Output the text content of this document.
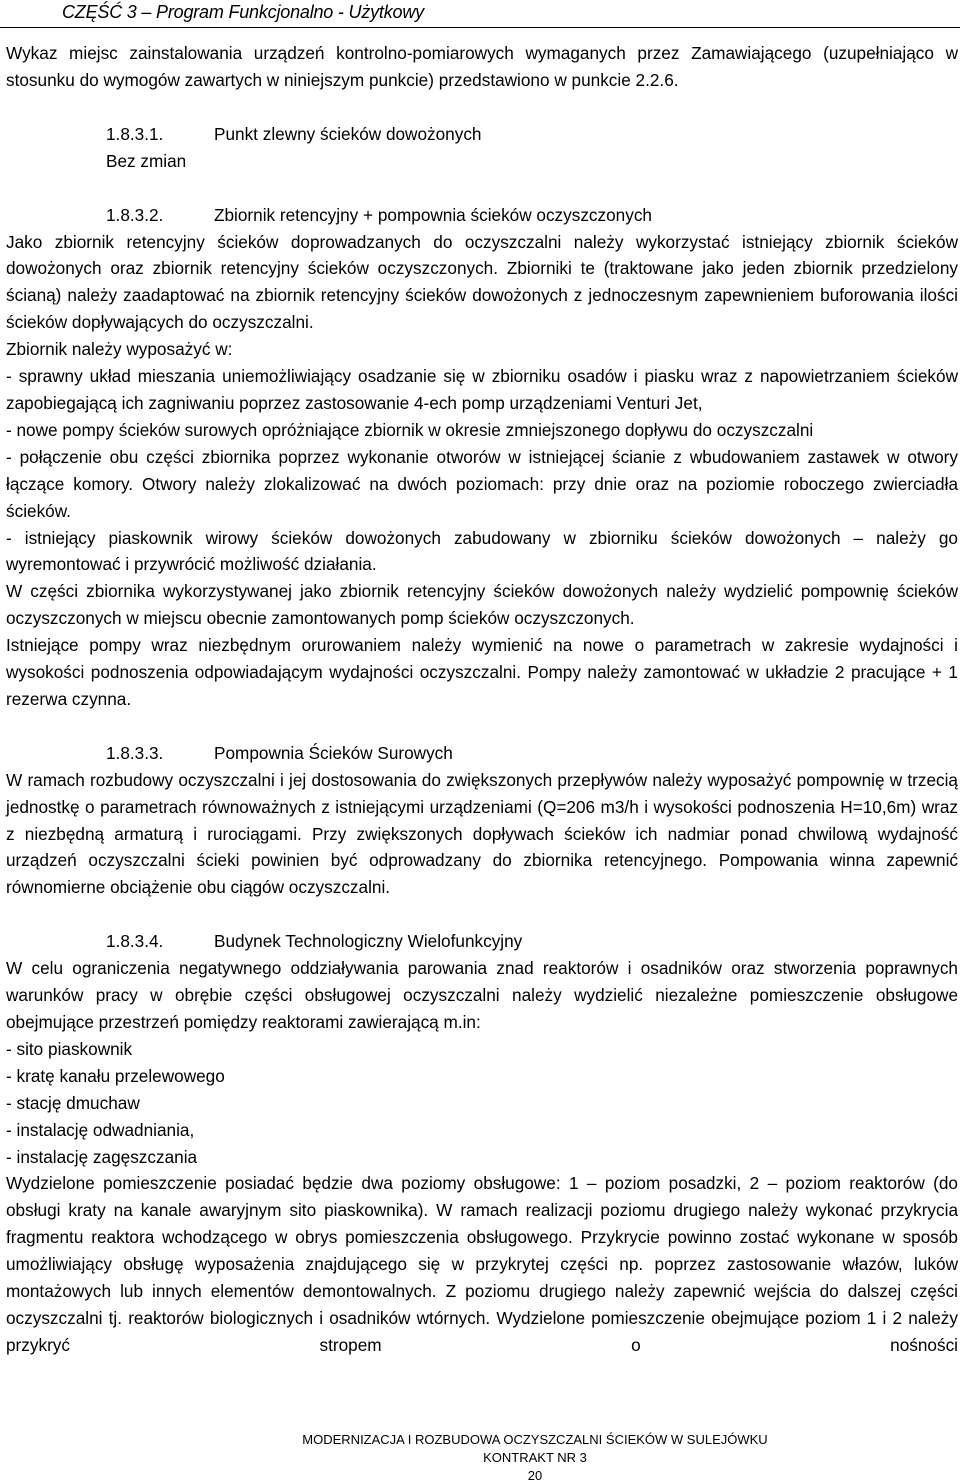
CZĘŚĆ 3 – Program Funkcjonalno - Użytkowy

Wykaz miejsc zainstalowania urządzeń kontrolno-pomiarowych wymaganych przez Zamawiającego (uzupełniająco w stosunku do wymogów zawartych w niniejszym punkcie) przedstawiono w punkcie 2.2.6.

1.8.3.1.	Punkt zlewny ścieków dowożonych
Bez zmian
1.8.3.2.	Zbiornik retencyjny + pompownia ścieków oczyszczonych

Jako zbiornik retencyjny ścieków doprowadzanych do oczyszczalni należy wykorzystać istniejący zbiornik ścieków dowożonych oraz zbiornik retencyjny ścieków oczyszczonych. Zbiorniki te (traktowane jako jeden zbiornik przedzielony ścianą) należy zaadaptować na zbiornik retencyjny ścieków dowożonych z jednoczesnym zapewnieniem buforowania ilości ścieków dopływających do oczyszczalni.

Zbiornik należy wyposażyć w:

- sprawny układ mieszania uniemożliwiający osadzanie się w zbiorniku osadów i piasku wraz z napowietrzaniem ścieków zapobiegającą ich zagniwaniu poprzez zastosowanie 4-ech pomp urządzeniami Venturi Jet,

- nowe pompy ścieków surowych opróżniające zbiornik w okresie zmniejszonego dopływu do oczyszczalni

- połączenie obu części zbiornika poprzez wykonanie otworów w istniejącej ścianie z wbudowaniem zastawek w otwory łączące komory. Otwory należy zlokalizować na dwóch poziomach: przy dnie oraz na poziomie roboczego zwierciadła ścieków.

- istniejący piaskownik wirowy ścieków dowożonych zabudowany w zbiorniku ścieków dowożonych – należy go wyremontować i przywrócić możliwość działania.

W części zbiornika wykorzystywanej jako zbiornik retencyjny ścieków dowożonych należy wydzielić pompownię ścieków oczyszczonych w miejscu obecnie zamontowanych pomp ścieków oczyszczonych.

Istniejące pompy wraz niezbędnym orurowaniem należy wymienić na nowe o parametrach w zakresie wydajności i wysokości podnoszenia odpowiadającym wydajności oczyszczalni. Pompy należy zamontować w układzie 2 pracujące + 1 rezerwa czynna.

1.8.3.3.	Pompownia Ścieków Surowych

W ramach rozbudowy oczyszczalni i jej dostosowania do zwiększonych przepływów należy wyposażyć pompownię w trzecią jednostkę o parametrach równoważnych z istniejącymi urządzeniami (Q=206 m3/h i wysokości podnoszenia H=10,6m) wraz z niezbędną armaturą i rurociągami. Przy zwiększonych dopływach ścieków ich nadmiar ponad chwilową wydajność urządzeń oczyszczalni ścieki powinien być odprowadzany do zbiornika retencyjnego. Pompowania winna zapewnić równomierne obciążenie obu ciągów oczyszczalni.

1.8.3.4.	Budynek Technologiczny Wielofunkcyjny

W celu ograniczenia negatywnego oddziaływania parowania znad reaktorów i osadników oraz stworzenia poprawnych warunków pracy w obrębie części obsługowej oczyszczalni należy wydzielić niezależne pomieszczenie obsługowe obejmujące przestrzeń pomiędzy reaktorami zawierającą m.in:

- sito piaskownik

- kratę kanału przelewowego

- stację dmuchaw

- instalację odwadniania,

- instalację zagęszczania

Wydzielone pomieszczenie posiadać będzie dwa poziomy obsługowe: 1 – poziom posadzki, 2 – poziom reaktorów (do obsługi kraty na kanale awaryjnym sito piaskownika). W ramach realizacji poziomu drugiego należy wykonać przykrycia fragmentu reaktora wchodzącego w obrys pomieszczenia obsługowego. Przykrycie powinno zostać wykonane w sposób umożliwiający obsługę wyposażenia znajdującego się w przykrytej części np. poprzez zastosowanie włazów, luków montażowych lub innych elementów demontowalnych. Z poziomu drugiego należy zapewnić wejścia do dalszej części oczyszczalni tj. reaktorów biologicznych i osadników wtórnych. Wydzielone pomieszczenie obejmujące poziom 1 i 2 należy przykryć stropem o nośności

MODERNIZACJA I ROZBUDOWA OCZYSZCZALNI ŚCIEKÓW W SULEJÓWKU
KONTRAKT NR 3
20
